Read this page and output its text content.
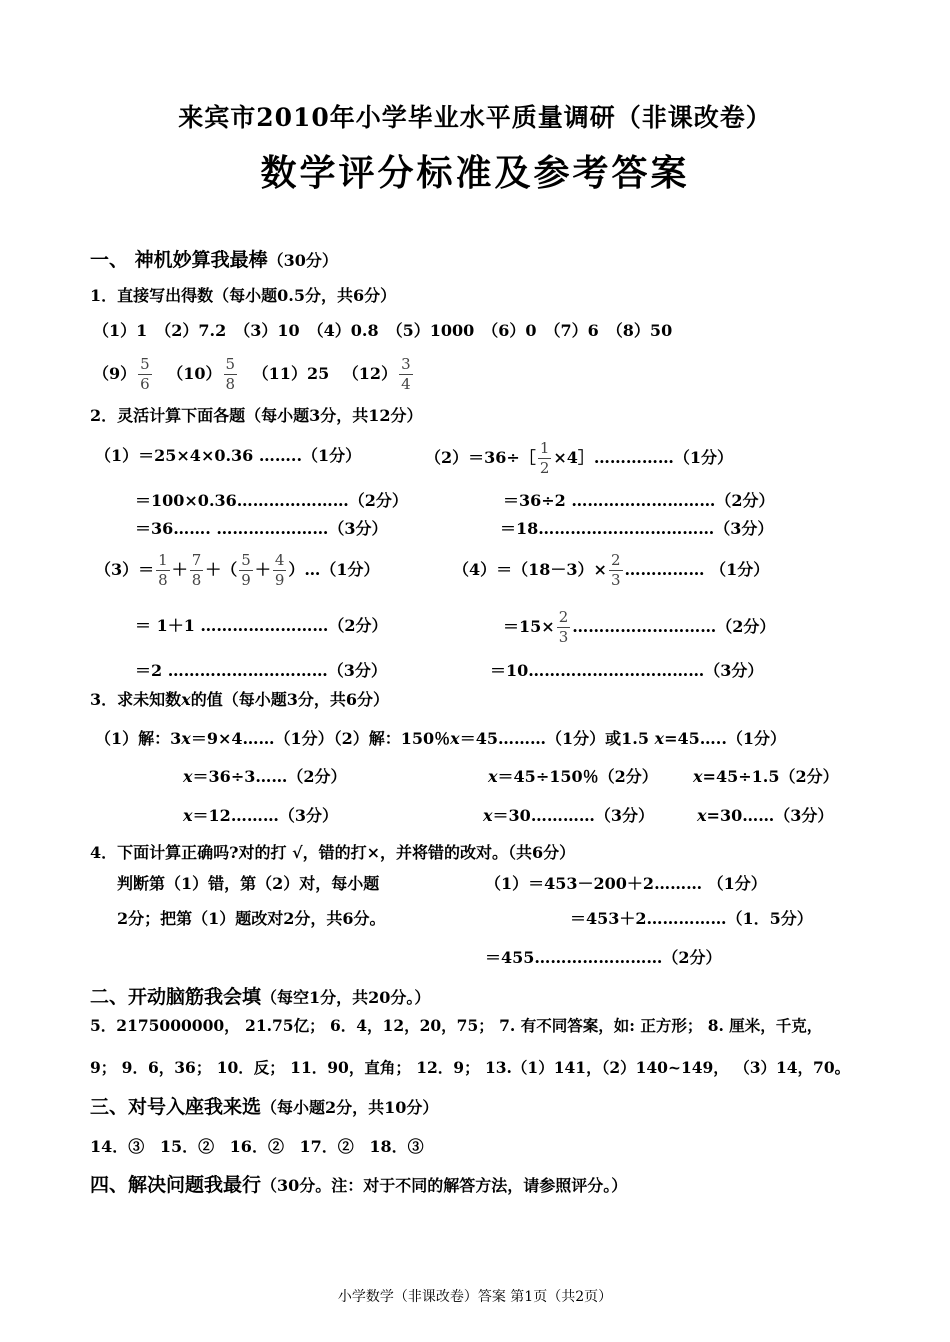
来宾市2010年小学毕业水平质量调研（非课改卷）
数学评分标准及参考答案
一、 神机妙算我最棒（30分）
1．直接写出得数（每小题0.5分，共6分）
（1）1　（2）7.2　（3）10　（4）0.8　（5）1000　（6）0　（7）6　（8）50
$(9) \frac{5}{6} (10) \frac{5}{8} (11)25$ $(12) \frac{3}{4}$
2．灵活计算下面各题（每小题3分，共12分）
（1）＝25×4×0.36 ……..（1分）	（2）＝36÷［ $\frac{1}{2}$ ×4］……………（1分）
＝100×0.36…………………（2分）	＝36÷2 ………………………（2分）
＝36……. …………………（3分）	＝18……………………………（3分）
$(3)= \frac{1}{8} + \frac{7}{8}$ ＋（ $\frac{5}{9} + \frac{4}{9}$ ）…（1分）	$(4)=(18-3)\times \frac{2}{3}$ …………… （1分）
＝ 1＋1 ……………………（2分）	$=15\times \frac{2}{3}$ ………………………（2分）
＝2 …………………………（3分）	＝10……………………………（3分）
3．求未知数x的值（每小题3分，共6分）
（1）解：3x＝9×4……（1分）（2）解：150％x＝45………（1分）或1.5 x=45…..（1分）
x＝36÷3……（2分）	x＝45÷150％（2分） x=45÷1.5（2分）
x＝12………（3分）	x＝30…………（3分）	x=30……（3分）
4．下面计算正确吗?对的打 √，错的打×，并将错的改对。（共6分）
判断第（1）错，第（2）对，每小题
2分；把第（1）题改对2分，共6分。
（1）＝453－200＋2……… （1分）
＝453＋2……………（1．5分）
＝455……………………（2分）
二、开动脑筋我会填（每空1分，共20分。）
5．2175000000， 21.75亿； 6．4，12，20，75； 7. 有不同答案，如: 正方形； 8. 厘米，千克，
9； 9．6，36； 10．反； 11．90，直角； 12．9； 13.（1）141，（2）140~149， （3）14，70。
三、对号入座我来选（每小题2分，共10分）
14．③ 15．② 16．② 17．② 18．③
四、解决问题我最行（30分。注：对于不同的解答方法，请参照评分。）
小学数学（非课改卷）答案 第1页（共2页）
